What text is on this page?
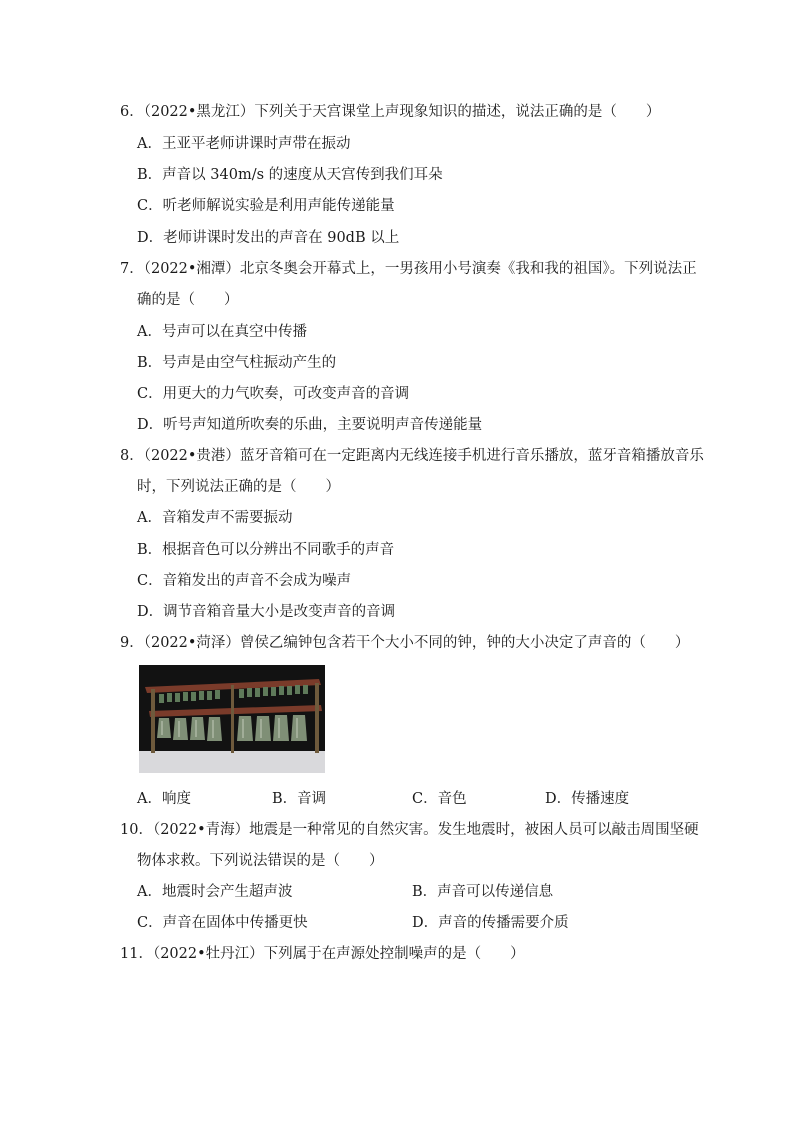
6．（2022•黑龙江）下列关于天宫课堂上声现象知识的描述，说法正确的是（　　）
A．王亚平老师讲课时声带在振动
B．声音以 340m/s 的速度从天宫传到我们耳朵
C．听老师解说实验是利用声能传递能量
D．老师讲课时发出的声音在 90dB 以上
7．（2022•湘潭）北京冬奥会开幕式上，一男孩用小号演奏《我和我的祖国》。下列说法正
确的是（　　）
A．号声可以在真空中传播
B．号声是由空气柱振动产生的
C．用更大的力气吹奏，可改变声音的音调
D．听号声知道所吹奏的乐曲，主要说明声音传递能量
8．（2022•贵港）蓝牙音箱可在一定距离内无线连接手机进行音乐播放，蓝牙音箱播放音乐
时，下列说法正确的是（　　）
A．音箱发声不需要振动
B．根据音色可以分辨出不同歌手的声音
C．音箱发出的声音不会成为噪声
D．调节音箱音量大小是改变声音的音调
9．（2022•菏泽）曾侯乙编钟包含若干个大小不同的钟，钟的大小决定了声音的（　　）
A．响度	B．音调	C．音色	D．传播速度
10．（2022•青海）地震是一种常见的自然灾害。发生地震时，被困人员可以敲击周围坚硬
物体求救。下列说法错误的是（　　）
A．地震时会产生超声波	B．声音可以传递信息
C．声音在固体中传播更快	D．声音的传播需要介质
11．（2022•牡丹江）下列属于在声源处控制噪声的是（　　）
